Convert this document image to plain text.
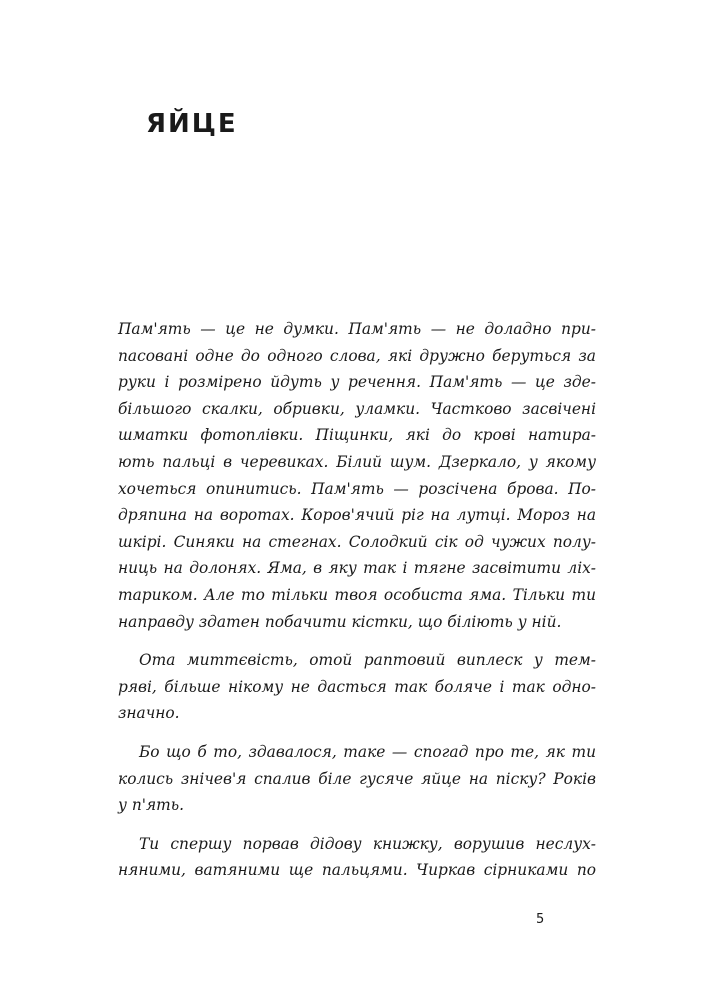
ЯЙЦЕ
Пам'ять — це не думки. Пам'ять — не доладно при-
пасовані одне до одного слова, які дружно беруться за
руки і розмірено йдуть у речення. Пам'ять — це зде-
більшого скалки, обривки, уламки. Частково засвічені
шматки фотоплівки. Піщинки, які до крові натира-
ють пальці в черевиках. Білий шум. Дзеркало, у якому
хочеться опинитись. Пам'ять — розсічена брова. По-
дряпина на воротах. Коров'ячий ріг на лутці. Мороз на
шкірі. Синяки на стегнах. Солодкий сік од чужих полу-
ниць на долонях. Яма, в яку так і тягне засвітити ліх-
тариком. Але то тільки твоя особиста яма. Тільки ти
направду здатен побачити кістки, що біліють у ній.
Ота миттєвість, отой раптовий виплеск у тем-
ряві, більше нікому не дасться так боляче і так одно-
значно.
Бо що б то, здавалося, таке — спогад про те, як ти
колись знічев'я спалив біле гусяче яйце на піску? Років
у п'ять.
Ти спершу порвав дідову книжку, ворушив неслух-
няними, ватяними ще пальцями. Чиркав сірниками по
5
